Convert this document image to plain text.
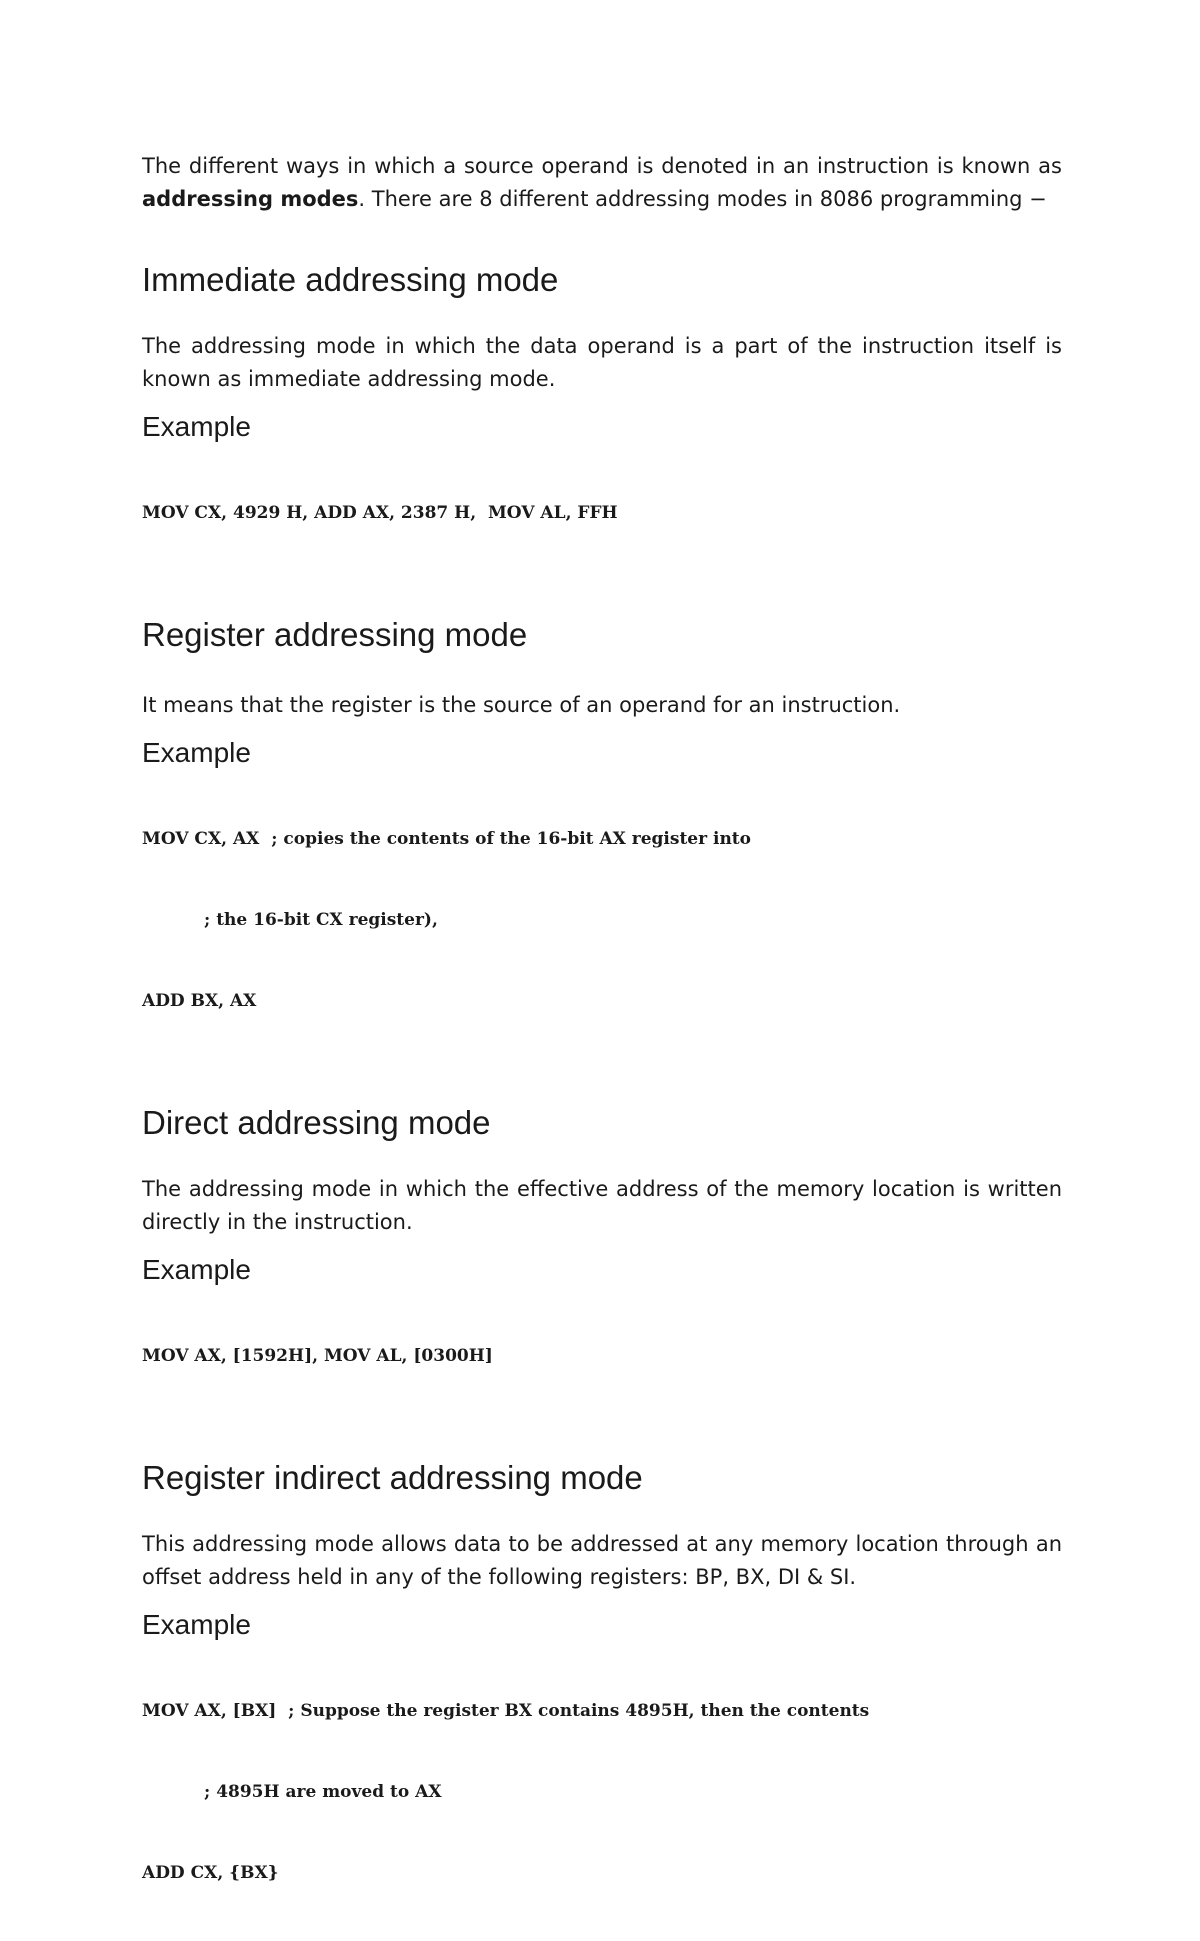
The different ways in which a source operand is denoted in an instruction is known as addressing modes. There are 8 different addressing modes in 8086 programming −

Immediate addressing mode

The addressing mode in which the data operand is a part of the instruction itself is known as immediate addressing mode.

Example

MOV CX, 4929 H, ADD AX, 2387 H,  MOV AL, FFH

Register addressing mode

It means that the register is the source of an operand for an instruction.

Example

MOV CX, AX  ; copies the contents of the 16-bit AX register into

; the 16-bit CX register),

ADD BX, AX

Direct addressing mode

The addressing mode in which the effective address of the memory location is written directly in the instruction.

Example

MOV AX, [1592H], MOV AL, [0300H]

Register indirect addressing mode

This addressing mode allows data to be addressed at any memory location through an offset address held in any of the following registers: BP, BX, DI & SI.

Example

MOV AX, [BX]  ; Suppose the register BX contains 4895H, then the contents

; 4895H are moved to AX

ADD CX, {BX}
